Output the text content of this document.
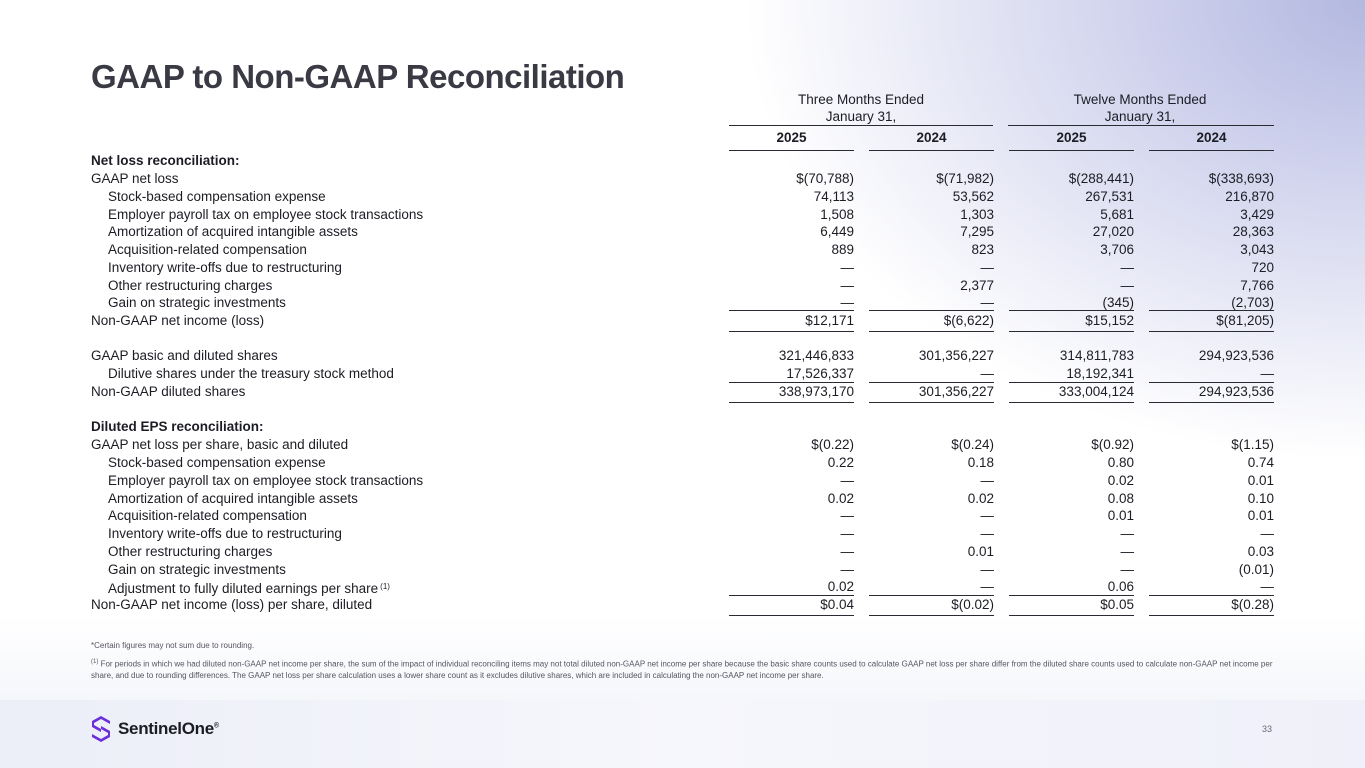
GAAP to Non-GAAP Reconciliation
Three Months Ended
January 31,
Twelve Months Ended
January 31,
2025	2024	2025	2024
Net loss reconciliation:
GAAP net loss	$(70,788)	$(71,982)	$(288,441)	$(338,693)
Stock-based compensation expense	74,113	53,562	267,531	216,870
Employer payroll tax on employee stock transactions	1,508	1,303	5,681	3,429
Amortization of acquired intangible assets	6,449	7,295	27,020	28,363
Acquisition-related compensation	889	823	3,706	3,043
Inventory write-offs due to restructuring	—	—	—	720
Other restructuring charges	—	2,377	—	7,766
Gain on strategic investments	—	—	(345)	(2,703)
Non-GAAP net income (loss)	$12,171	$(6,622)	$15,152	$(81,205)
GAAP basic and diluted shares	321,446,833	301,356,227	314,811,783	294,923,536
Dilutive shares under the treasury stock method	17,526,337	—	18,192,341	—
Non-GAAP diluted shares	338,973,170	301,356,227	333,004,124	294,923,536
Diluted EPS reconciliation:
GAAP net loss per share, basic and diluted	$(0.22)	$(0.24)	$(0.92)	$(1.15)
Stock-based compensation expense	0.22	0.18	0.80	0.74
Employer payroll tax on employee stock transactions	—	—	0.02	0.01
Amortization of acquired intangible assets	0.02	0.02	0.08	0.10
Acquisition-related compensation	—	—	0.01	0.01
Inventory write-offs due to restructuring	—	—	—	—
Other restructuring charges	—	0.01	—	0.03
Gain on strategic investments	—	—	—	(0.01)
Adjustment to fully diluted earnings per share $^{(1)}$	0.02	—	0.06	—
Non-GAAP net income (loss) per share, diluted	$0.04	$(0.02)	$0.05	$(0.28)
*Certain figures may not sum due to rounding.
$^{(1)}$ For periods in which we had diluted non-GAAP net income per share, the sum of the impact of individual reconciling items may not total diluted non-GAAP net income per share because the basic share counts used to calculate GAAP net loss per share differ from the diluted share counts used to calculate non-GAAP net income per share, and due to rounding differences. The GAAP net loss per share calculation uses a lower share count as it excludes dilutive shares, which are included in calculating the non-GAAP net income per share.
SentinelOne®	33
